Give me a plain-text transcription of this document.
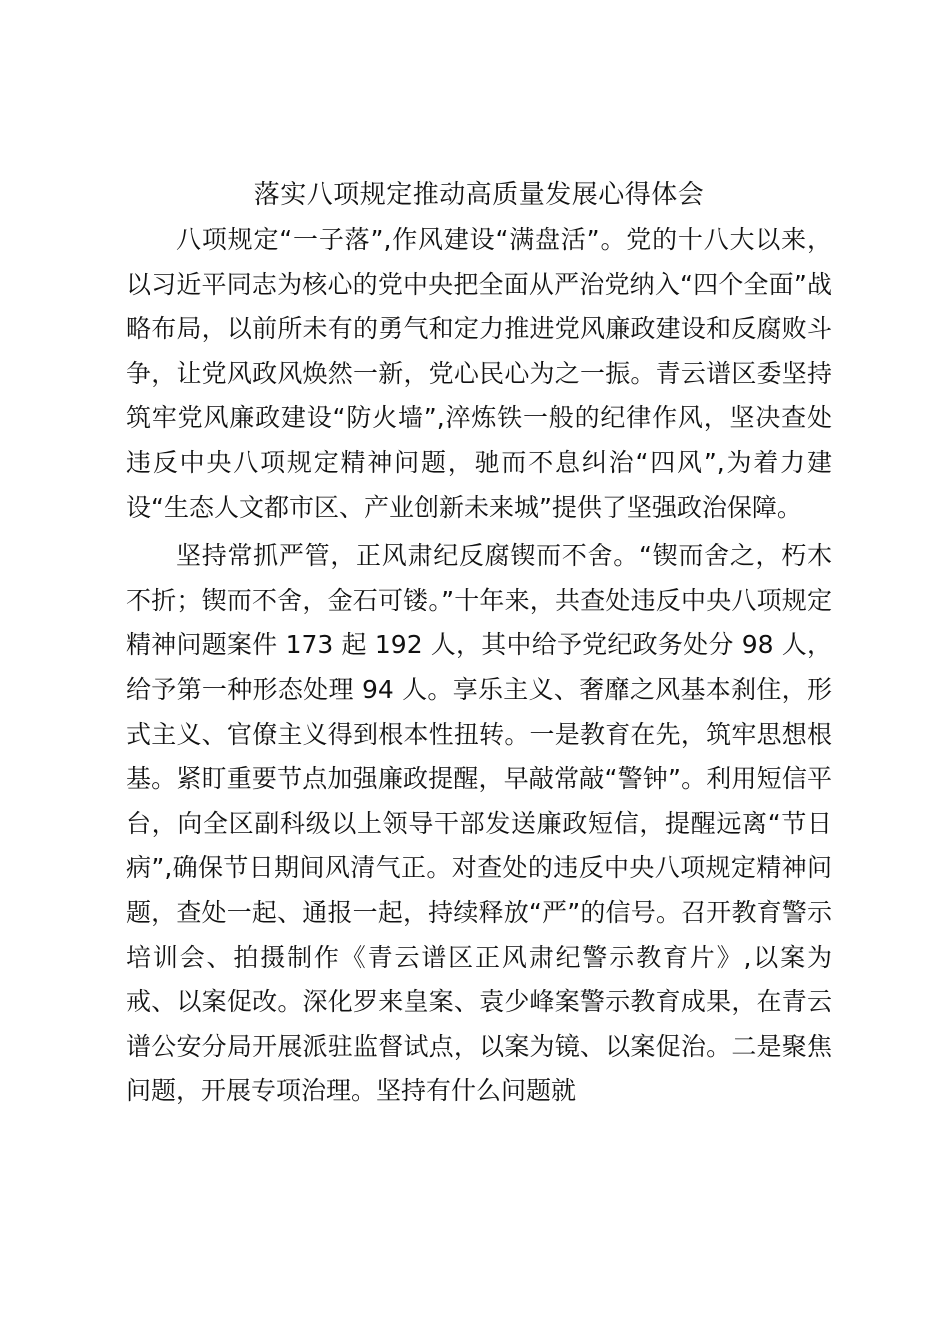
落实八项规定推动高质量发展心得体会

八项规定“一子落”,作风建设“满盘活”。党的十八大以来，以习近平同志为核心的党中央把全面从严治党纳入“四个全面”战略布局，以前所未有的勇气和定力推进党风廉政建设和反腐败斗争，让党风政风焕然一新，党心民心为之一振。青云谱区委坚持筑牢党风廉政建设“防火墙”,淬炼铁一般的纪律作风，坚决查处违反中央八项规定精神问题，驰而不息纠治“四风”,为着力建设“生态人文都市区、产业创新未来城”提供了坚强政治保障。

坚持常抓严管，正风肃纪反腐锲而不舍。“锲而舍之，朽木不折；锲而不舍，金石可镂。”十年来，共查处违反中央八项规定精神问题案件 173 起 192 人，其中给予党纪政务处分 98 人，给予第一种形态处理 94 人。享乐主义、奢靡之风基本刹住，形式主义、官僚主义得到根本性扭转。一是教育在先，筑牢思想根基。紧盯重要节点加强廉政提醒，早敲常敲“警钟”。利用短信平台，向全区副科级以上领导干部发送廉政短信，提醒远离“节日病”,确保节日期间风清气正。对查处的违反中央八项规定精神问题，查处一起、通报一起，持续释放“严”的信号。召开教育警示培训会、拍摄制作《青云谱区正风肃纪警示教育片》,以案为戒、以案促改。深化罗来皇案、袁少峰案警示教育成果，在青云谱公安分局开展派驻监督试点，以案为镜、以案促治。二是聚焦问题，开展专项治理。坚持有什么问题就
